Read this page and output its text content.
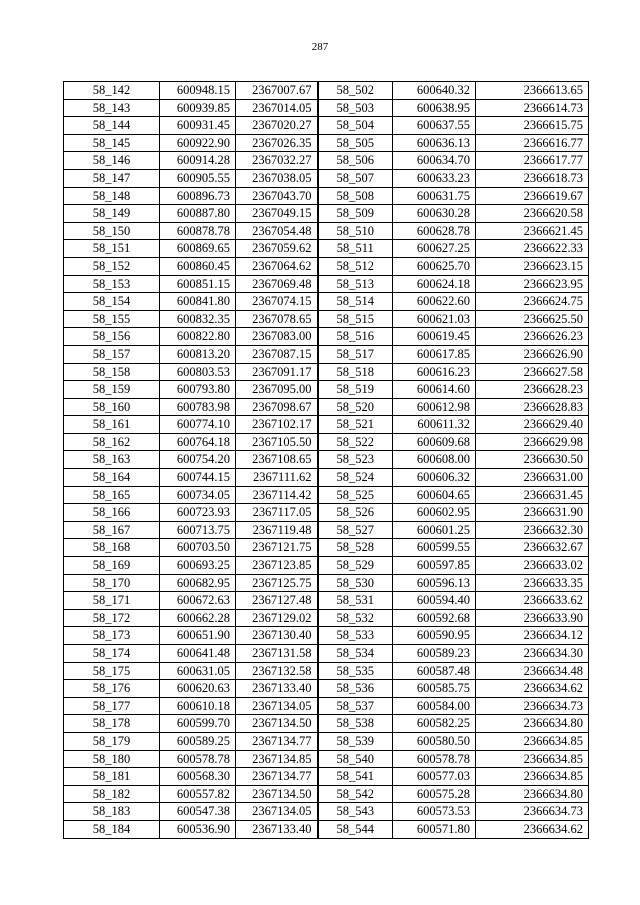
287
58_142	600948.15	2367007.67	58_502	600640.32	2366613.65
58_143	600939.85	2367014.05	58_503	600638.95	2366614.73
58_144	600931.45	2367020.27	58_504	600637.55	2366615.75
58_145	600922.90	2367026.35	58_505	600636.13	2366616.77
58_146	600914.28	2367032.27	58_506	600634.70	2366617.77
58_147	600905.55	2367038.05	58_507	600633.23	2366618.73
58_148	600896.73	2367043.70	58_508	600631.75	2366619.67
58_149	600887.80	2367049.15	58_509	600630.28	2366620.58
58_150	600878.78	2367054.48	58_510	600628.78	2366621.45
58_151	600869.65	2367059.62	58_511	600627.25	2366622.33
58_152	600860.45	2367064.62	58_512	600625.70	2366623.15
58_153	600851.15	2367069.48	58_513	600624.18	2366623.95
58_154	600841.80	2367074.15	58_514	600622.60	2366624.75
58_155	600832.35	2367078.65	58_515	600621.03	2366625.50
58_156	600822.80	2367083.00	58_516	600619.45	2366626.23
58_157	600813.20	2367087.15	58_517	600617.85	2366626.90
58_158	600803.53	2367091.17	58_518	600616.23	2366627.58
58_159	600793.80	2367095.00	58_519	600614.60	2366628.23
58_160	600783.98	2367098.67	58_520	600612.98	2366628.83
58_161	600774.10	2367102.17	58_521	600611.32	2366629.40
58_162	600764.18	2367105.50	58_522	600609.68	2366629.98
58_163	600754.20	2367108.65	58_523	600608.00	2366630.50
58_164	600744.15	2367111.62	58_524	600606.32	2366631.00
58_165	600734.05	2367114.42	58_525	600604.65	2366631.45
58_166	600723.93	2367117.05	58_526	600602.95	2366631.90
58_167	600713.75	2367119.48	58_527	600601.25	2366632.30
58_168	600703.50	2367121.75	58_528	600599.55	2366632.67
58_169	600693.25	2367123.85	58_529	600597.85	2366633.02
58_170	600682.95	2367125.75	58_530	600596.13	2366633.35
58_171	600672.63	2367127.48	58_531	600594.40	2366633.62
58_172	600662.28	2367129.02	58_532	600592.68	2366633.90
58_173	600651.90	2367130.40	58_533	600590.95	2366634.12
58_174	600641.48	2367131.58	58_534	600589.23	2366634.30
58_175	600631.05	2367132.58	58_535	600587.48	2366634.48
58_176	600620.63	2367133.40	58_536	600585.75	2366634.62
58_177	600610.18	2367134.05	58_537	600584.00	2366634.73
58_178	600599.70	2367134.50	58_538	600582.25	2366634.80
58_179	600589.25	2367134.77	58_539	600580.50	2366634.85
58_180	600578.78	2367134.85	58_540	600578.78	2366634.85
58_181	600568.30	2367134.77	58_541	600577.03	2366634.85
58_182	600557.82	2367134.50	58_542	600575.28	2366634.80
58_183	600547.38	2367134.05	58_543	600573.53	2366634.73
58_184	600536.90	2367133.40	58_544	600571.80	2366634.62
